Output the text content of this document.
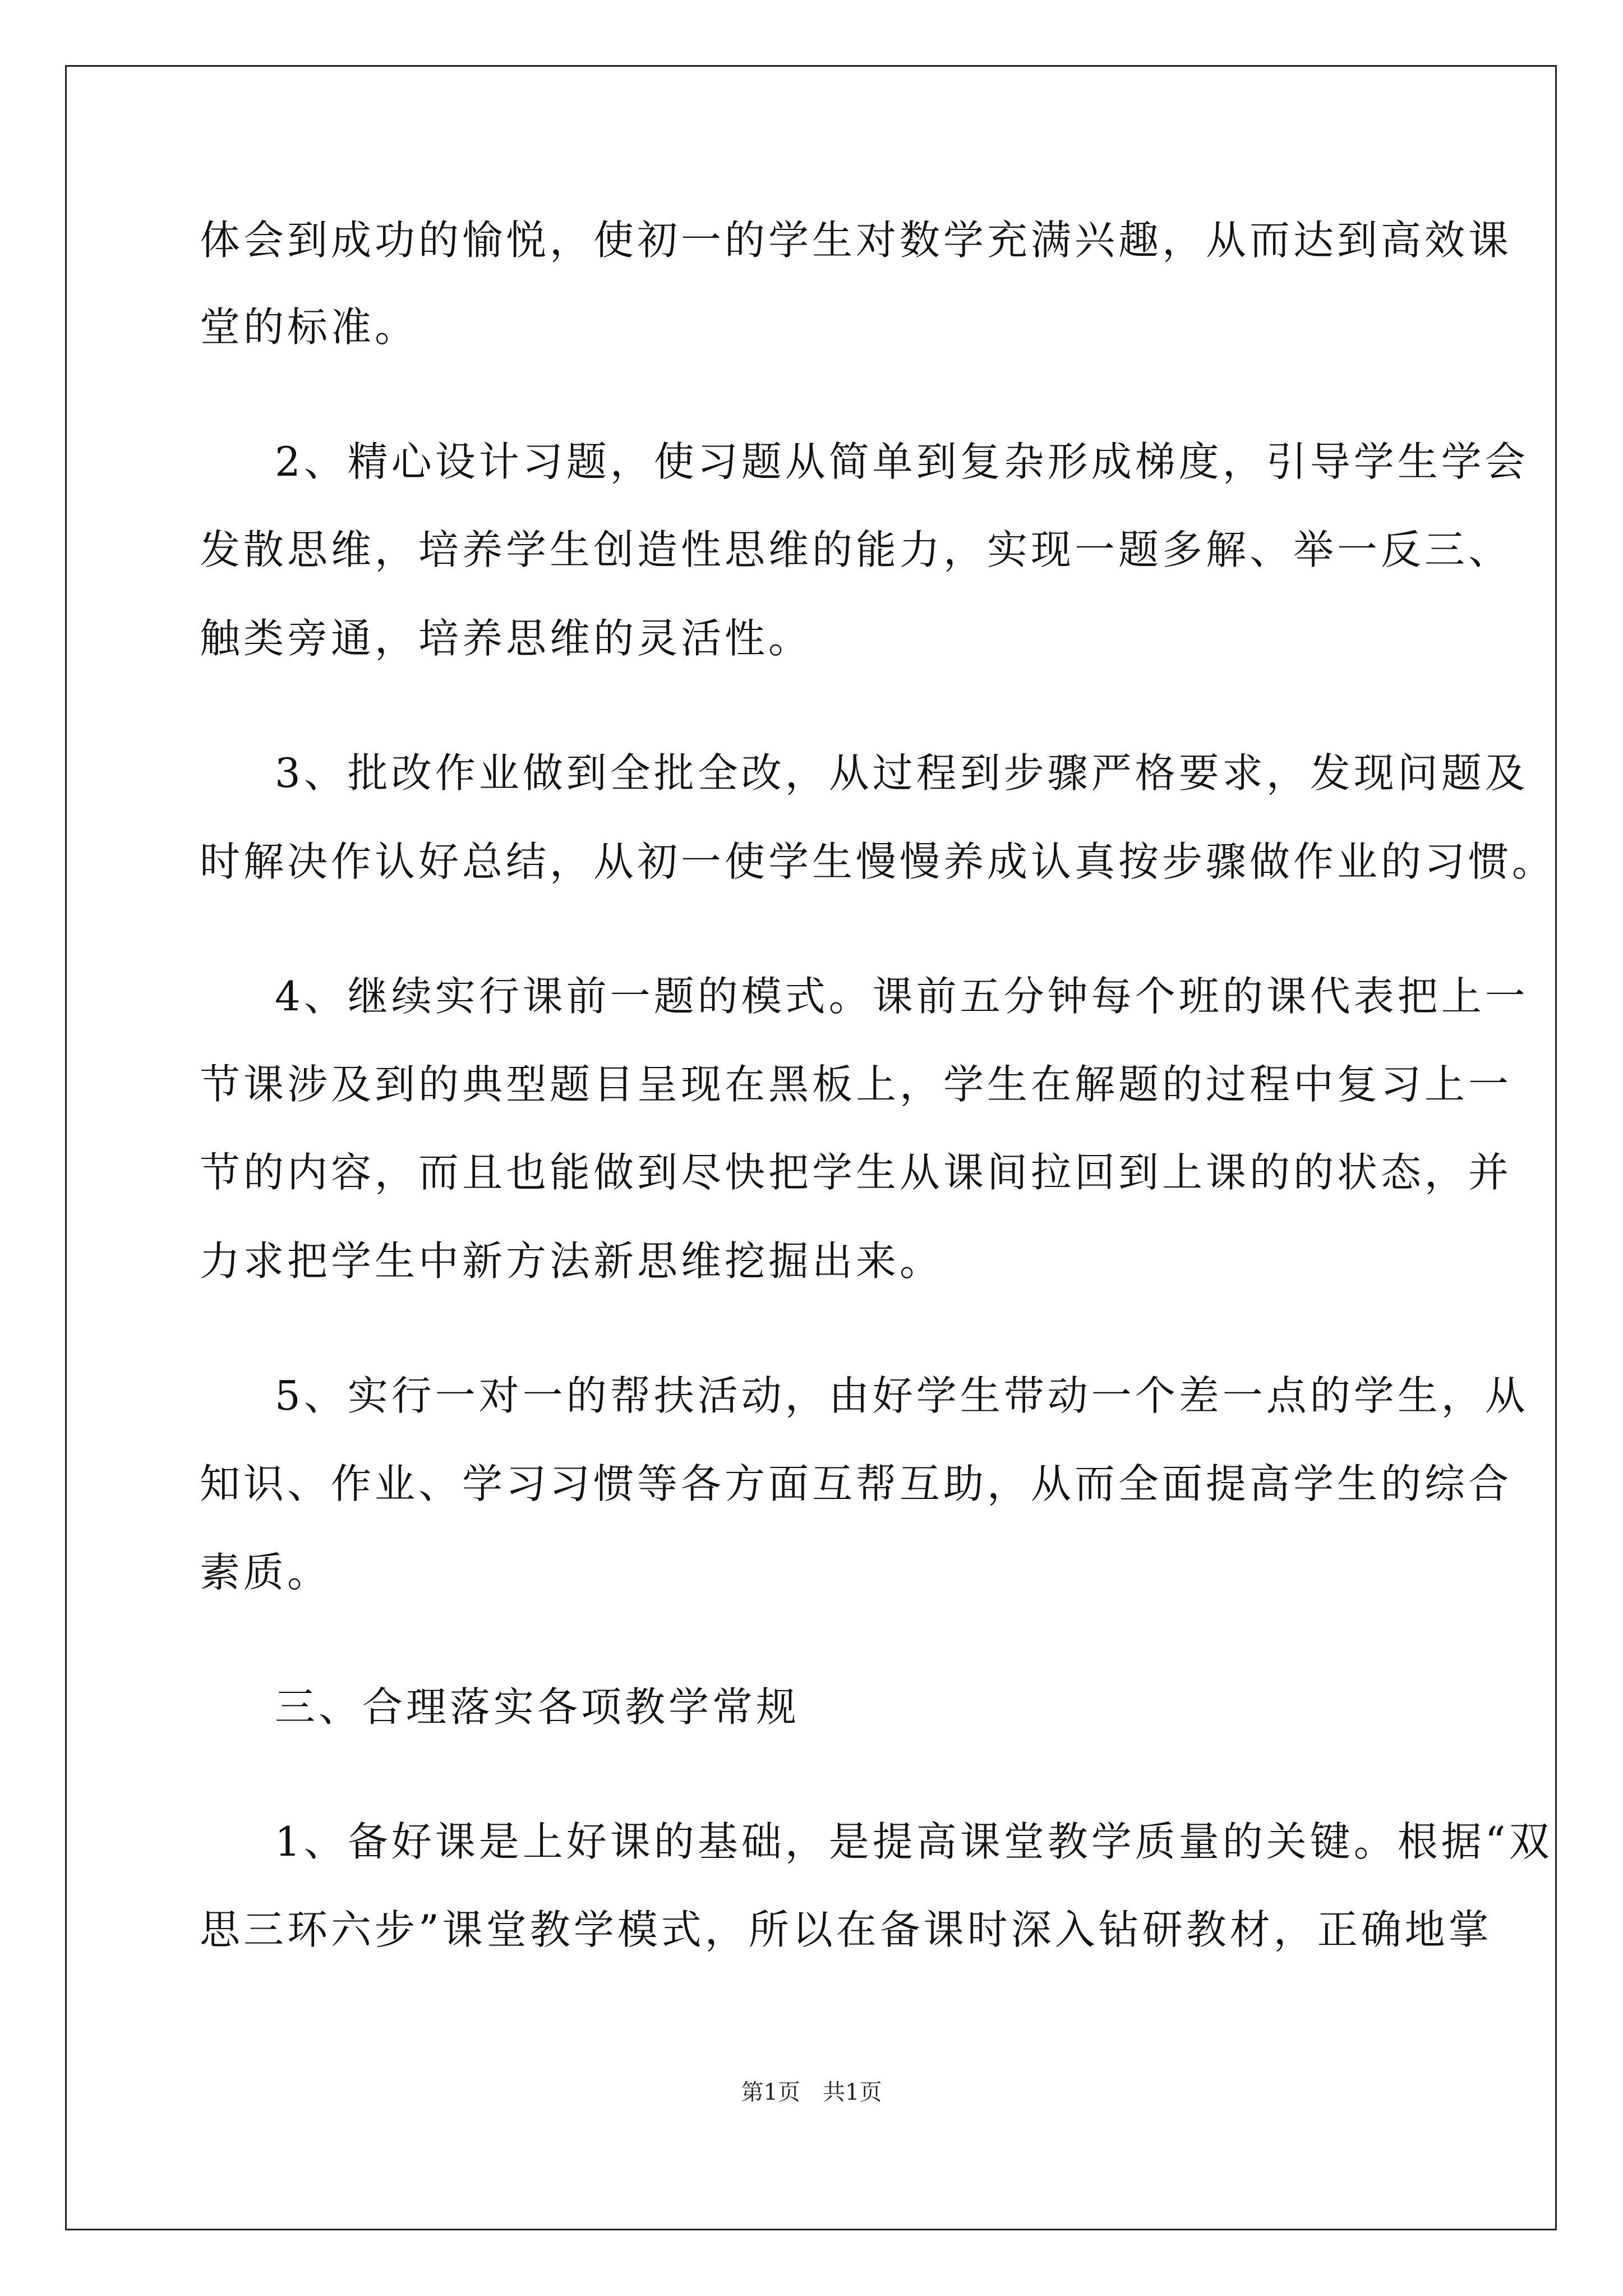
体会到成功的愉悦，使初一的学生对数学充满兴趣，从而达到高效课
堂的标准。
2、精心设计习题，使习题从简单到复杂形成梯度，引导学生学会
发散思维，培养学生创造性思维的能力，实现一题多解、举一反三、
触类旁通，培养思维的灵活性。
3、批改作业做到全批全改，从过程到步骤严格要求，发现问题及
时解决作认好总结，从初一使学生慢慢养成认真按步骤做作业的习惯。
4、继续实行课前一题的模式。课前五分钟每个班的课代表把上一
节课涉及到的典型题目呈现在黑板上，学生在解题的过程中复习上一
节的内容，而且也能做到尽快把学生从课间拉回到上课的的状态，并
力求把学生中新方法新思维挖掘出来。
5、实行一对一的帮扶活动，由好学生带动一个差一点的学生，从
知识、作业、学习习惯等各方面互帮互助，从而全面提高学生的综合
素质。
三、合理落实各项教学常规
1、备好课是上好课的基础，是提高课堂教学质量的关键。根据“双
思三环六步”课堂教学模式，所以在备课时深入钻研教材，正确地掌
第1页　共1页
